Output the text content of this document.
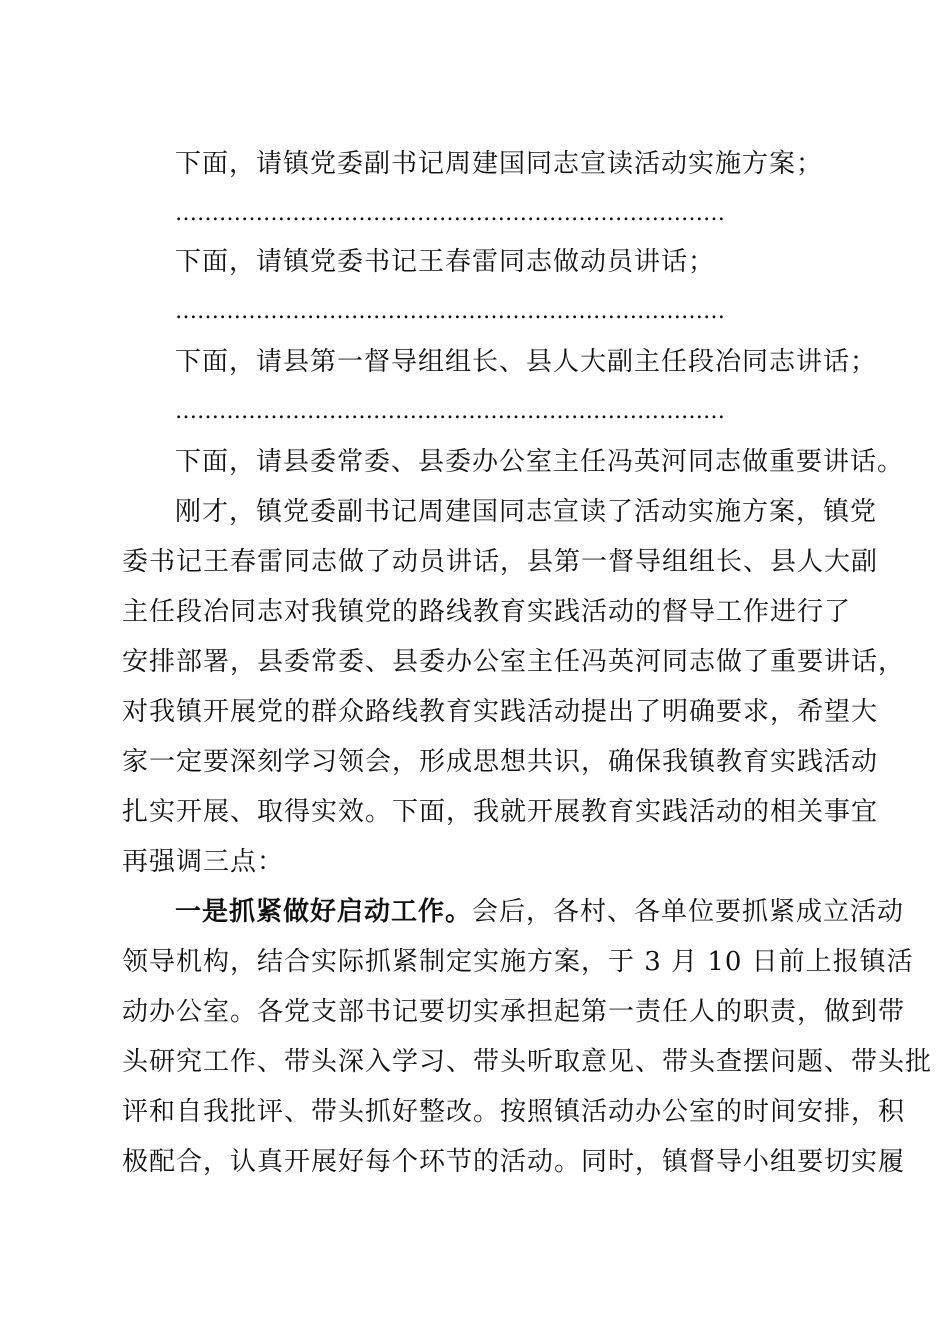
下面，请镇党委副书记周建国同志宣读活动实施方案；
…………………………………………………………………
下面，请镇党委书记王春雷同志做动员讲话；
…………………………………………………………………
下面，请县第一督导组组长、县人大副主任段冶同志讲话；
…………………………………………………………………
下面，请县委常委、县委办公室主任冯英河同志做重要讲话。
刚才，镇党委副书记周建国同志宣读了活动实施方案，镇党
委书记王春雷同志做了动员讲话，县第一督导组组长、县人大副
主任段冶同志对我镇党的路线教育实践活动的督导工作进行了
安排部署，县委常委、县委办公室主任冯英河同志做了重要讲话，
对我镇开展党的群众路线教育实践活动提出了明确要求，希望大
家一定要深刻学习领会，形成思想共识，确保我镇教育实践活动
扎实开展、取得实效。下面，我就开展教育实践活动的相关事宜
再强调三点：
一是抓紧做好启动工作。会后，各村、各单位要抓紧成立活动
领导机构，结合实际抓紧制定实施方案，于 3 月 10 日前上报镇活
动办公室。各党支部书记要切实承担起第一责任人的职责，做到带
头研究工作、带头深入学习、带头听取意见、带头查摆问题、带头批
评和自我批评、带头抓好整改。按照镇活动办公室的时间安排，积
极配合，认真开展好每个环节的活动。同时，镇督导小组要切实履
